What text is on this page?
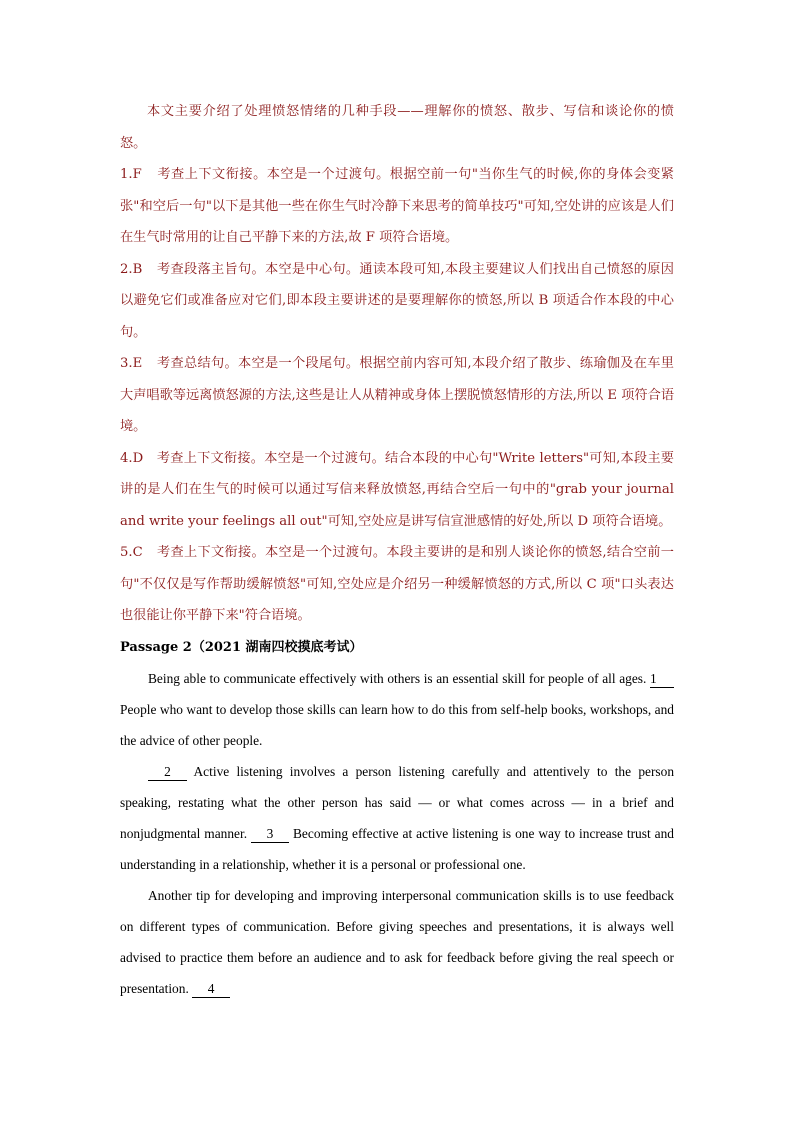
本文主要介绍了处理愤怒情绪的几种手段——理解你的愤怒、散步、写信和谈论你的愤怒。

1.F 考查上下文衔接。本空是一个过渡句。根据空前一句"当你生气的时候,你的身体会变紧张"和空后一句"以下是其他一些在你生气时冷静下来思考的简单技巧"可知,空处讲的应该是人们在生气时常用的让自己平静下来的方法,故 F 项符合语境。

2.B 考查段落主旨句。本空是中心句。通读本段可知,本段主要建议人们找出自己愤怒的原因以避免它们或准备应对它们,即本段主要讲述的是要理解你的愤怒,所以 B 项适合作本段的中心句。

3.E 考查总结句。本空是一个段尾句。根据空前内容可知,本段介绍了散步、练瑜伽及在车里大声唱歌等远离愤怒源的方法,这些是让人从精神或身体上摆脱愤怒情形的方法,所以 E 项符合语境。

4.D 考查上下文衔接。本空是一个过渡句。结合本段的中心句"Write letters"可知,本段主要讲的是人们在生气的时候可以通过写信来释放愤怒,再结合空后一句中的"grab your journal and write your feelings all out"可知,空处应是讲写信宣泄感情的好处,所以 D 项符合语境。

5.C 考查上下文衔接。本空是一个过渡句。本段主要讲的是和别人谈论你的愤怒,结合空前一句"不仅仅是写作帮助缓解愤怒"可知,空处应是介绍另一种缓解愤怒的方式,所以 C 项"口头表达也很能让你平静下来"符合语境。

Passage 2（2021 湖南四校摸底考试）

Being able to communicate effectively with others is an essential skill for people of all ages. 1 People who want to develop those skills can learn how to do this from self-help books, workshops, and the advice of other people.

2 Active listening involves a person listening carefully and attentively to the person speaking, restating what the other person has said — or what comes across — in a brief and nonjudgmental manner. 3 Becoming effective at active listening is one way to increase trust and understanding in a relationship, whether it is a personal or professional one.

Another tip for developing and improving interpersonal communication skills is to use feedback on different types of communication. Before giving speeches and presentations, it is always well advised to practice them before an audience and to ask for feedback before giving the real speech or presentation. 4
